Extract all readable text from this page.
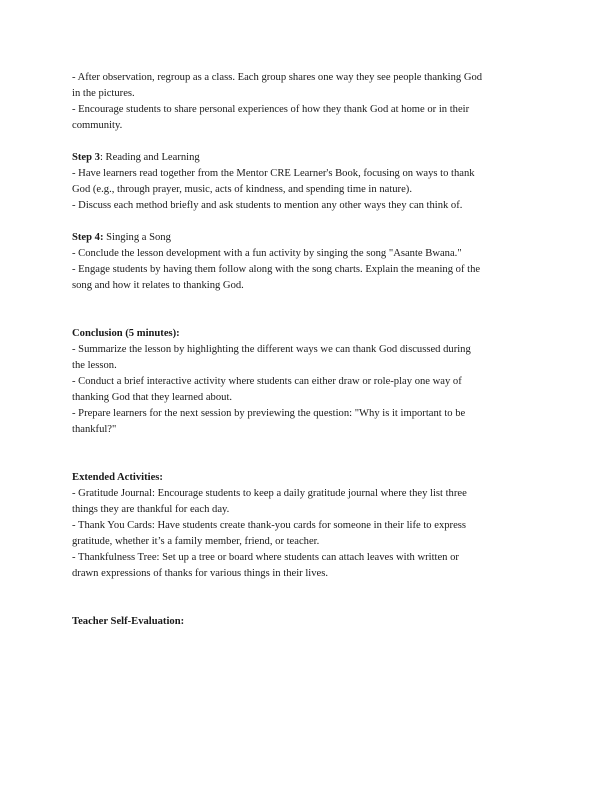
- After observation, regroup as a class. Each group shares one way they see people thanking God

in the pictures.

- Encourage students to share personal experiences of how they thank God at home or in their

community.

Step 3: Reading and Learning

- Have learners read together from the Mentor CRE Learner's Book, focusing on ways to thank

God (e.g., through prayer, music, acts of kindness, and spending time in nature).

- Discuss each method briefly and ask students to mention any other ways they can think of.

Step 4: Singing a Song

- Conclude the lesson development with a fun activity by singing the song "Asante Bwana."

- Engage students by having them follow along with the song charts. Explain the meaning of the

song and how it relates to thanking God.

Conclusion (5 minutes):

- Summarize the lesson by highlighting the different ways we can thank God discussed during

the lesson.

- Conduct a brief interactive activity where students can either draw or role-play one way of

thanking God that they learned about.

- Prepare learners for the next session by previewing the question: "Why is it important to be

thankful?"

Extended Activities:

- Gratitude Journal: Encourage students to keep a daily gratitude journal where they list three

things they are thankful for each day.

- Thank You Cards: Have students create thank-you cards for someone in their life to express

gratitude, whether it’s a family member, friend, or teacher.

- Thankfulness Tree: Set up a tree or board where students can attach leaves with written or

drawn expressions of thanks for various things in their lives.

Teacher Self-Evaluation:
